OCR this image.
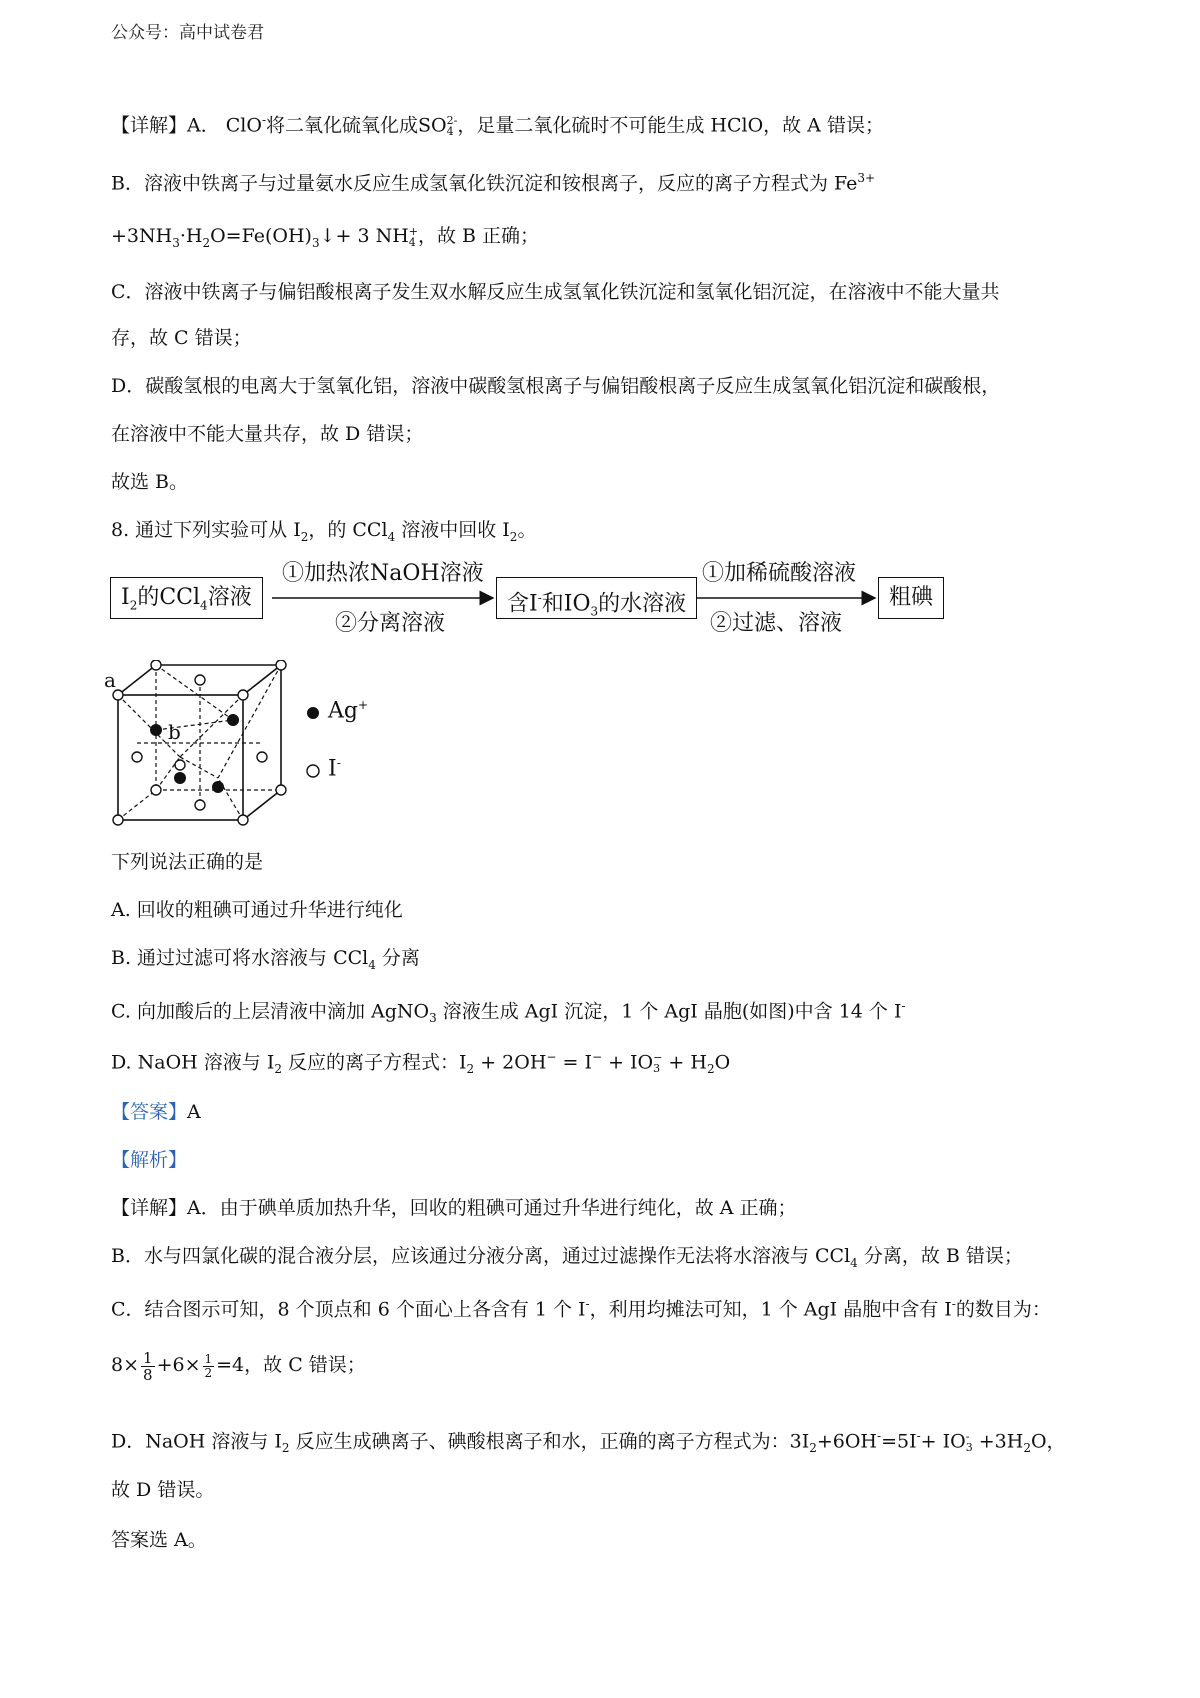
公众号：高中试卷君
【详解】A． ClO-将二氧化硫氧化成SO 2-
4 ，足量二氧化硫时不可能生成 HClO，故 A 错误；
B．溶液中铁离子与过量氨水反应生成氢氧化铁沉淀和铵根离子，反应的离子方程式为 $Fe^{3+}$
$+3NH_3\cdot H_2O=Fe(OH)_3↓+ 3$ NH +
4 ，故 B 正确；
C．溶液中铁离子与偏铝酸根离子发生双水解反应生成氢氧化铁沉淀和氢氧化铝沉淀，在溶液中不能大量共
存，故 C 错误；
D．碳酸氢根的电离大于氢氧化铝，溶液中碳酸氢根离子与偏铝酸根离子反应生成氢氧化铝沉淀和碳酸根，
在溶液中不能大量共存，故 D 错误；
故选 B。
8. 通过下列实验可从 $I_2$，的 CCl$_4$ 溶液中回收 $I_2$。
$I_2$的CCl$_4$溶液
①加热浓NaOH溶液
②分离溶液
含I-和$IO_3$的水溶液
①加稀硫酸溶液
②过滤、溶液
粗碘
a
b
Ag+
I-
下列说法正确的是
A. 回收的粗碘可通过升华进行纯化
B. 通过过滤可将水溶液与 CCl$_4$ 分离
C. 向加酸后的上层清液中滴加 AgNO$_3$ 溶液生成 AgI 沉淀，1 个 AgI 晶胞(如图)中含 14 个 I-
D. NaOH 溶液与 $I_2$ 反应的离子方程式：$I_2 + 2OH^- = I^-$ + IO −
$3 + H_2O$
【答案】A
【解析】
【详解】A．由于碘单质加热升华，回收的粗碘可通过升华进行纯化，故 A 正确；
B．水与四氯化碳的混合液分层，应该通过分液分离，通过过滤操作无法将水溶液与 CCl$_4$ 分离，故 B 错误；
C．结合图示可知，8 个顶点和 6 个面心上各含有 1 个 I-，利用均摊法可知，1 个 AgI 晶胞中含有 I-的数目为：
$8\times \frac{1}{8} +6\times \frac{1}{2} =4$，故 C 错误；
D．NaOH 溶液与 $I_2$ 反应生成碘离子、碘酸根离子和水，正确的离子方程式为：$3I_2+6OH^-=5I^-+$ IO -
$3 +3H_2O$，
故 D 错误。
答案选 A。
